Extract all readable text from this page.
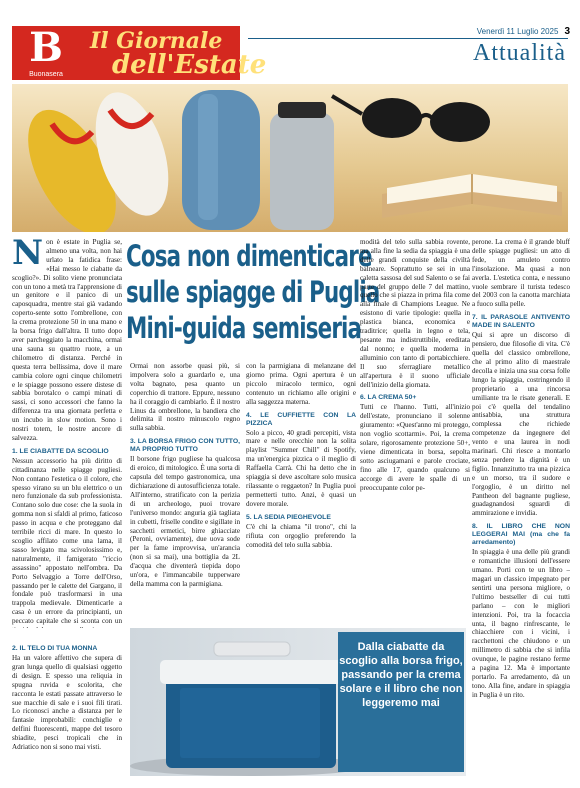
B
Buonasera
Il Giornale
dell'Estate
Venerdì 11 Luglio 2025 3
Attualità
Cosa non dimenticare
sulle spiagge di Puglia
Mini-guida semiseria
N on è estate in Puglia se, almeno una volta, non hai urlato la fatidica frase: «Hai messo le ciabatte da scoglio?». Di solito viene pronunciata con un tono a metà tra l'apprensione di un genitore e il panico di un caposquadra, mentre stai già vadando coperto-sente sotto l'ombrellone, con la crema protezione 50 in una mano e la borsa frigo dall'altra. Il tutto dopo aver parcheggiato la macchina, ormai una sauna su quattro ruote, a un chilometro di distanza. Perché in questa terra bellissima, dove il mare cambia colore ogni cinque chilometri e le spiagge possono essere distese di sabbia borotalco o campi minati di sassi, ci sono accessori che fanno la differenza tra una giornata perfetta e un incubo in slow motion. Sono i nostri totem, le nostre ancore di salvezza.

1. LE CIABATTE DA SCOGLIO

Nessun accessorio ha più diritto di cittadinanza nelle spiagge pugliesi. Non contano l'estetica o il colore, che spesso virano su un blu elettrico o un nero funzionale da sub professionista. Contano solo due cose: che la suola in gomma non si sfaldi al primo, faticoso passo in acqua e che proteggano dal terribile ricci di mare. In questo lo scoglio affilato come una lama, il sasso levigato ma scivolosissimo e, naturalmente, il famigerato "riccio assassino" appostato nell'ombra. Da Porto Selvaggio a Torre dell'Orso, passando per le calette del Gargano, il fondale può trasformarsi in una trappola medievale. Dimenticarle a casa è un errore da principianti, un peccato capitale che si sconta con un

2. IL TELO DI TUA MONNA

Ha un valore affettivo che supera di gran lunga quello di qualsiasi oggetto di design. E spesso una reliquia in spugna ruvida e scolorita, che racconta le estati passate attraverso le sue macchie di sale e i suoi fili tirati. Lo riconosci anche a distanza per le fantasie improbabili: conchiglie e delfini fluorescenti, mappe del tesoro sbiadite, pesci tropicali che in Adriatico non si sono mai visti.

Ormai non assorbe quasi più, si impolvera solo a guardarlo e, una volta bagnato, pesa quanto un coperchio di trattore. Eppure, nessuno ha il coraggio di cambiarlo. È il nostro Linus da ombrellone, la bandiera che delimita il nostro minuscolo regno sulla sabbia.

3. LA BORSA FRIGO CON TUTTO, MA PROPRIO TUTTO

Il borsone frigo pugliese ha qualcosa di eroico, di mitologico. È una sorta di capsula del tempo gastronomica, una dichiarazione di autosufficienza totale. All'interno, stratificato con la perizia di un archeologo, puoi trovare l'universo mondo: anguria già tagliata in cubetti, friselle condite e sigillate in sacchetti ermetici, birre ghiacciate (Peroni, ovviamente), due uova sode per la fame improvvisa, un'arancia (non si sa mai), una bottiglia da 2L d'acqua che diventerà tiepida dopo un'ora, e l'immancabile tupperware della mamma con la parmigiana.

con la parmigiana di melanzane del giorno prima. Ogni apertura è un piccolo miracolo termico, ogni contenuto un richiamo alle origini e alla saggezza materna.

4. LE CUFFIETTE CON LA PIZZICA

Solo a picco, 40 gradi percepiti, vista mare e nelle orecchie non la solita playlist "Summer Chill" di Spotify, ma un'energica pizzica o il meglio di Raffaella Carrà. Chi ha detto che in spiaggia si deve ascoltare solo musica rilassante o reggaeton? In Puglia puoi permetterti tutto. Anzi, è quasi un dovere morale.

5. LA SEDIA PIEGHEVOLE

C'è chi la chiama "il trono", chi la rifiuta con orgoglio preferendo la comodità del telo sulla sabbia.

modità del telo sulla sabbia rovente, ma alla fine la sedia da spiaggia è una delle grandi conquiste della civiltà balneare. Soprattutto se sei in una caletta sassosa del sud Salento o se fai parte del gruppo delle 7 del mattino, quello che si piazza in prima fila come alla finale di Champions League. Ne esistono di varie tipologie: quella in plastica bianca, economica e traditrice; quella in legno e tela, pesante ma indistruttibile, ereditata dal nonno; e quella moderna in alluminio con tanto di portabicchiere. Il suo sferragliare metallico all'apertura è il suono ufficiale dell'inizio della giornata.

6. LA CREMA 50+

Tutti ce l'hanno. Tutti, all'inizio dell'estate, pronunciano il solenne giuramento: «Quest'anno mi proteggo, non voglio scottarmi». Poi, la crema solare, rigorosamente protezione 50+, viene dimenticata in borsa, sepolta sotto asciugamani e parole crociate, fino alle 17, quando qualcuno si accorge di avere le spalle di un preoccupante color pe-

perone. La crema è il grande bluff delle spiagge pugliesi: un atto di fede, un amuleto contro l'insolazione. Ma quasi a non averla. L'estetica conta, e nessuno vuole sembrare il turista tedesco del 2003 con la canotta marchiata a fuoco sulla pelle.

7. IL PARASOLE ANTIVENTO MADE IN SALENTO

Qui si apre un discorso di pensiero, due filosofie di vita. C'è quella del classico ombrellone, che al primo alito di maestrale decolla e inizia una sua corsa folle lungo la spiaggia, costringendo il proprietario a una rincorsa umiliante tra le risate generali. E poi c'è quella del tendalino antisabbia, una struttura complessa che richiede competenze da ingegnere del vento e una laurea in nodi marinari. Chi riesce a montarlo senza perdere la dignità è un figlio. Innanzitutto tra una pizzica e un morso, tra il sudore e l'orgoglio, è un diritto nel Pantheon del bagnante pugliese, guadagnandosi sguardi di ammirazione e invidia.

8. IL LIBRO CHE NON LEGGERAI MAI (ma che fa arredamento)

In spiaggia è una delle più grandi e romantiche illusioni dell'essere umano. Porti con te un libro – magari un classico impegnato per sentirti una persona migliore, o l'ultimo bestseller di cui tutti parlano – con le migliori intenzioni. Poi, tra la focaccia unta, il bagno rinfrescante, le chiacchiere con i vicini, i racchettoni che chiudono e un millimetro di sabbia che si infila ovunque, le pagine restano ferme a pagina 12. Ma è importante portarlo. Fa arredamento, dà un tono. Alla fine, andare in spiaggia in Puglia è un rito.

Dalla ciabatte da scoglio alla borsa frigo, passando per la crema solare e il libro che non leggeremo mai
